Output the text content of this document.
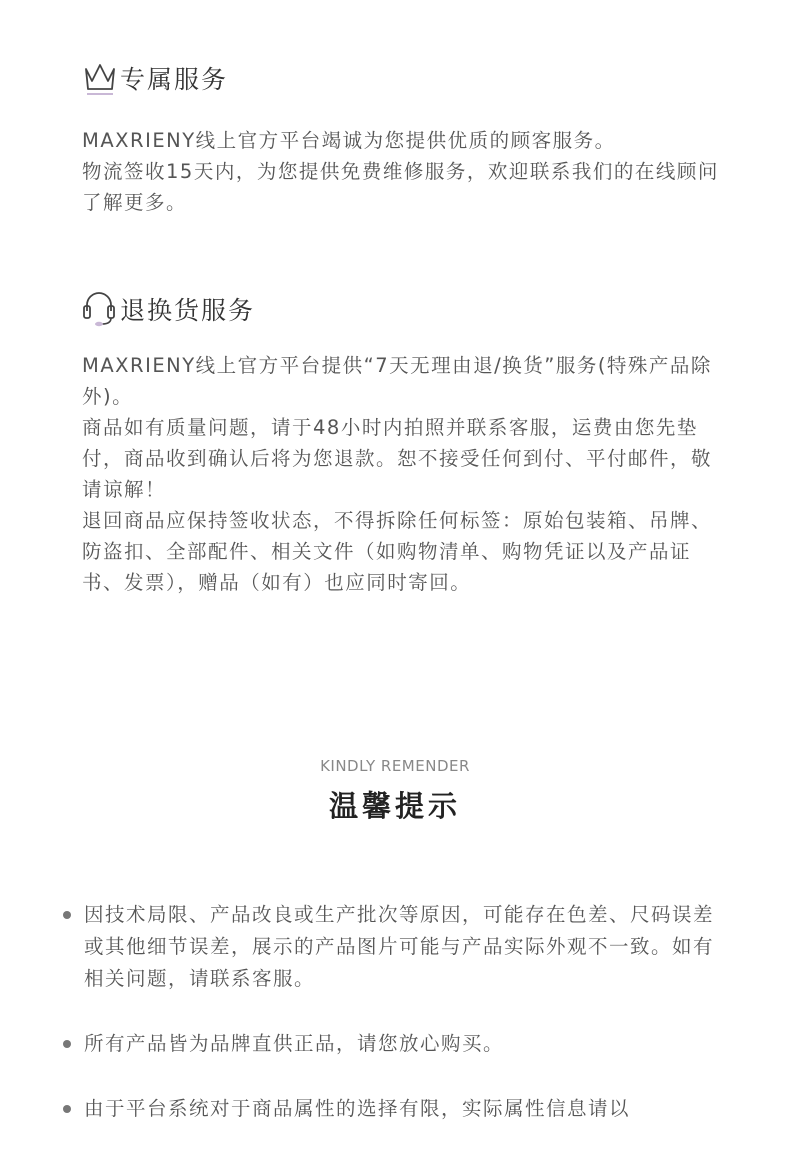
专属服务

MAXRIENY线上官方平台竭诚为您提供优质的顾客服务。

物流签收15天内，为您提供免费维修服务，欢迎联系我们的在线顾问了解更多。

退换货服务

MAXRIENY线上官方平台提供“7天无理由退/换货”服务(特殊产品除外)。

商品如有质量问题，请于48小时内拍照并联系客服，运费由您先垫付，商品收到确认后将为您退款。恕不接受任何到付、平付邮件，敬请谅解！

退回商品应保持签收状态，不得拆除任何标签：原始包装箱、吊牌、防盗扣、全部配件、相关文件（如购物清单、购物凭证以及产品证书、发票），赠品（如有）也应同时寄回。

KINDLY REMENDER
温馨提示
因技术局限、产品改良或生产批次等原因，可能存在色差、尺码误差或其他细节误差，展示的产品图片可能与产品实际外观不一致。如有相关问题，请联系客服。
所有产品皆为品牌直供正品，请您放心购买。
由于平台系统对于商品属性的选择有限，实际属性信息请以
